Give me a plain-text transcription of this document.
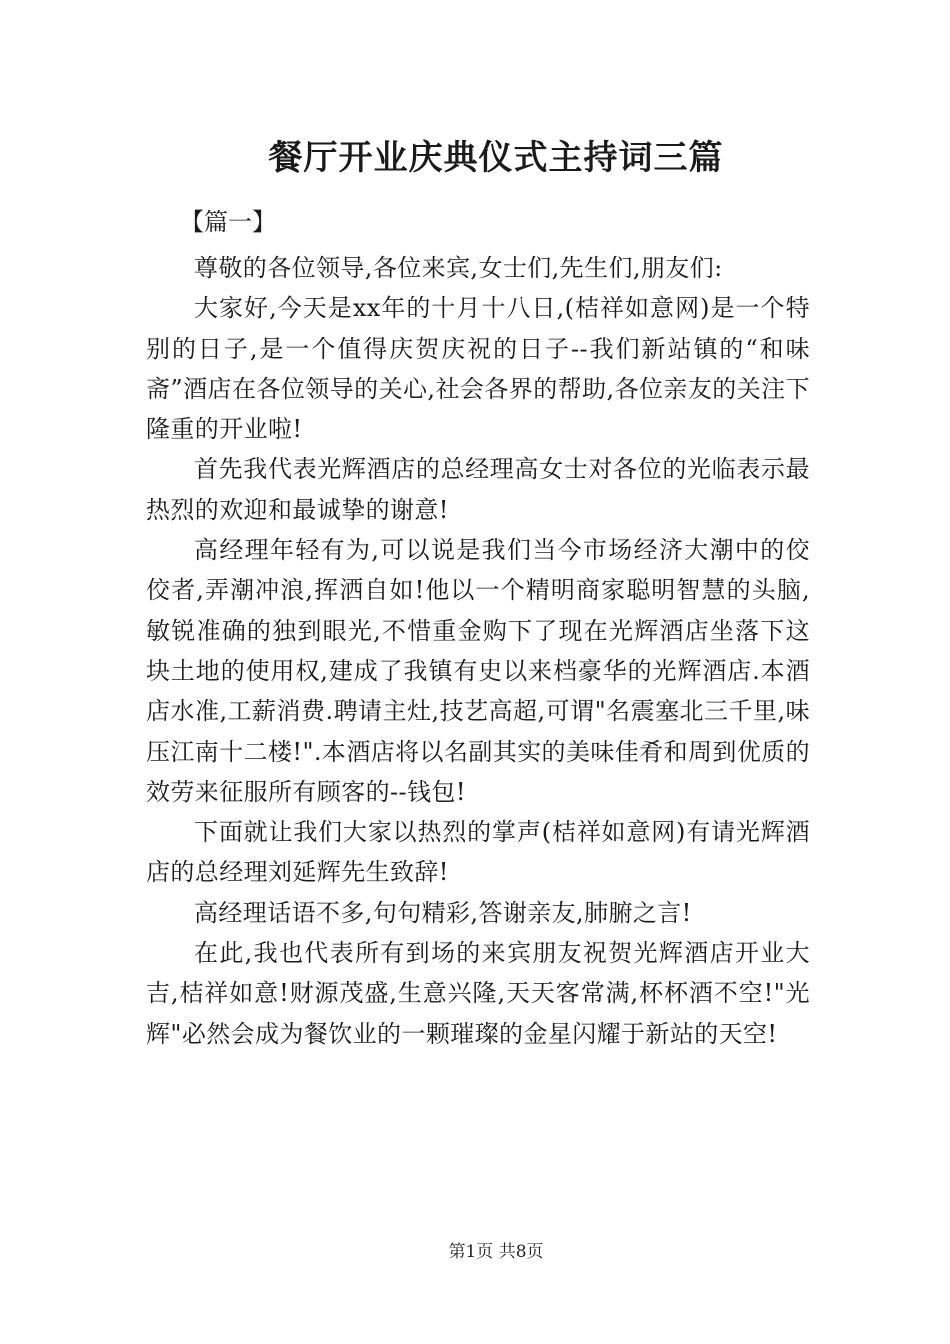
餐厅开业庆典仪式主持词三篇

【篇一】

尊敬的各位领导,各位来宾,女士们,先生们,朋友们:

大家好,今天是xx年的十月十八日,(桔祥如意网)是一个特别的日子,是一个值得庆贺庆祝的日子--我们新站镇的“和味斋”酒店在各位领导的关心,社会各界的帮助,各位亲友的关注下隆重的开业啦!

首先我代表光辉酒店的总经理高女士对各位的光临表示最热烈的欢迎和最诚挚的谢意!

高经理年轻有为,可以说是我们当今市场经济大潮中的佼佼者,弄潮冲浪,挥洒自如!他以一个精明商家聪明智慧的头脑,敏锐准确的独到眼光,不惜重金购下了现在光辉酒店坐落下这块土地的使用权,建成了我镇有史以来档豪华的光辉酒店.本酒店水准,工薪消费.聘请主灶,技艺高超,可谓"名震塞北三千里,味压江南十二楼!".本酒店将以名副其实的美味佳肴和周到优质的效劳来征服所有顾客的--钱包!

下面就让我们大家以热烈的掌声(桔祥如意网)有请光辉酒店的总经理刘延辉先生致辞!

高经理话语不多,句句精彩,答谢亲友,肺腑之言!

在此,我也代表所有到场的来宾朋友祝贺光辉酒店开业大吉,桔祥如意!财源茂盛,生意兴隆,天天客常满,杯杯酒不空!"光辉"必然会成为餐饮业的一颗璀璨的金星闪耀于新站的天空!

第1页 共8页
